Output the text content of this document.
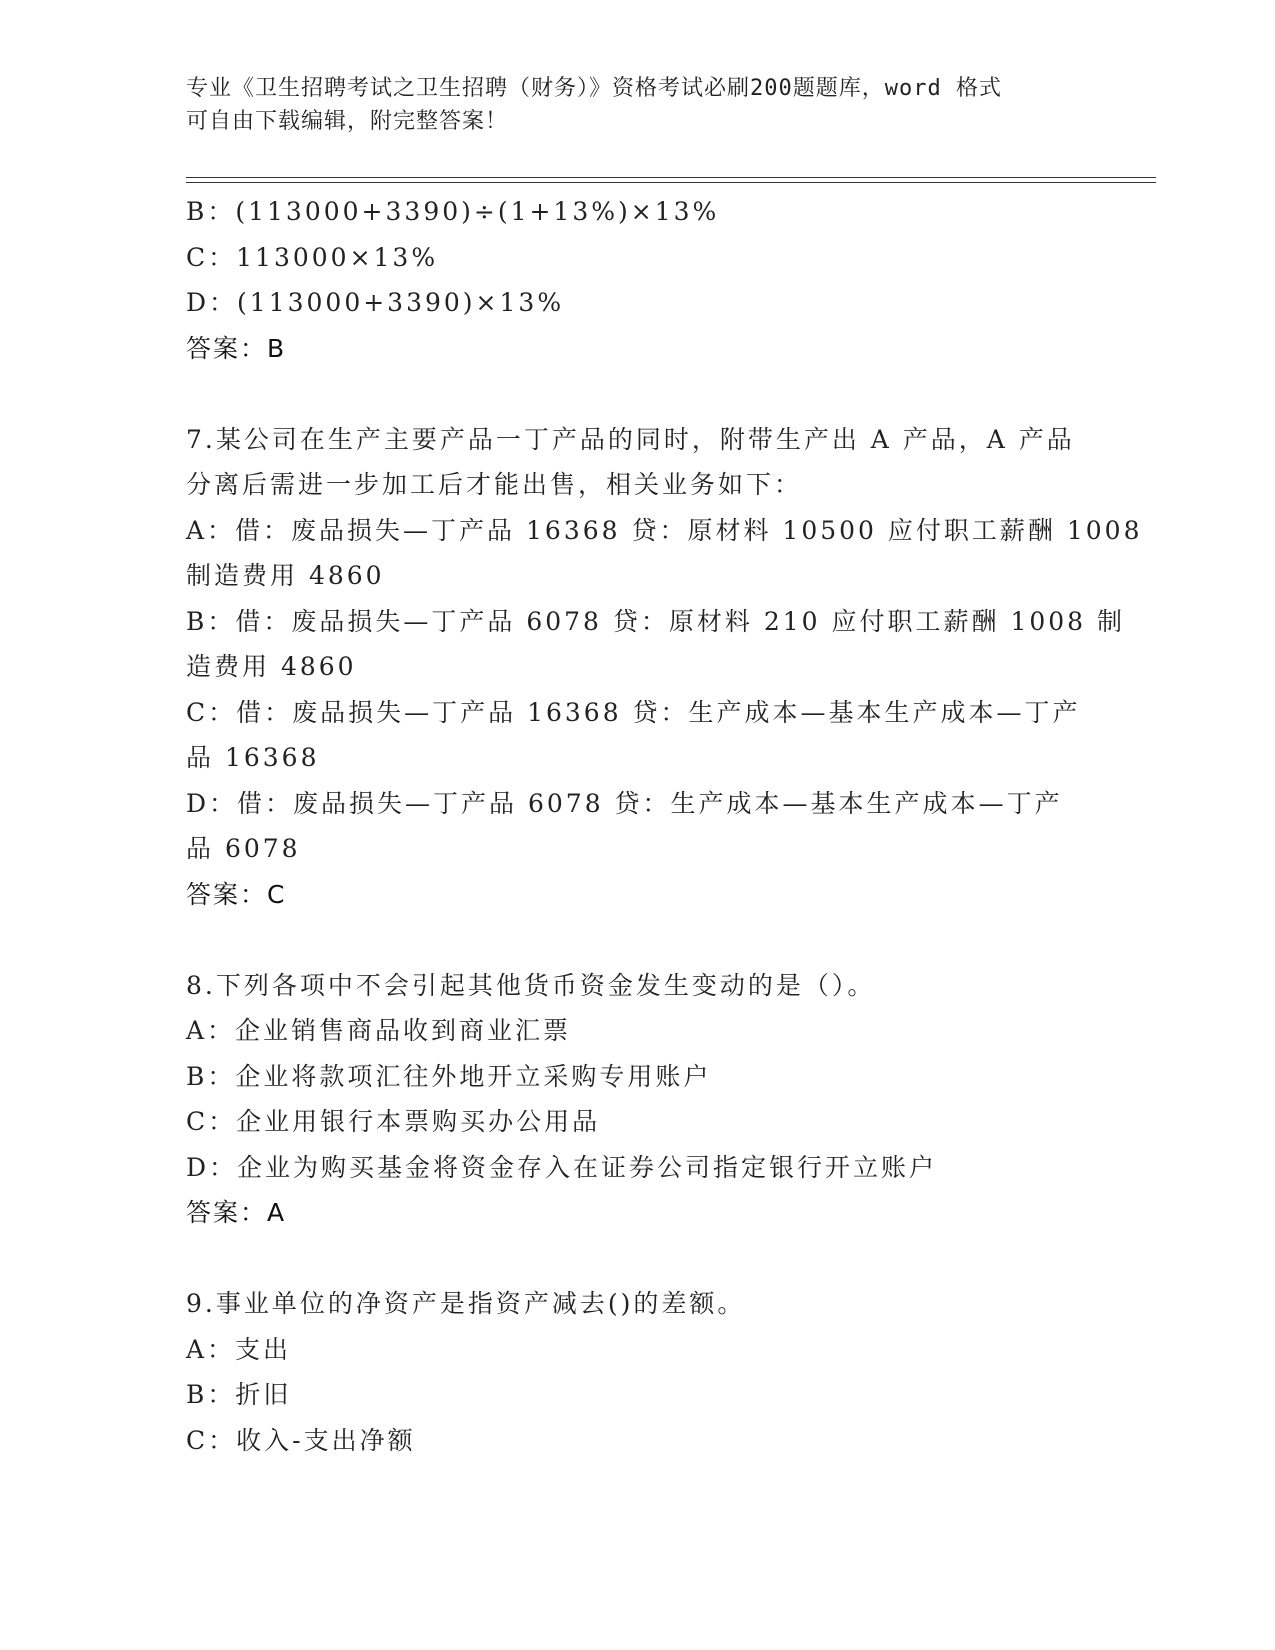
专业《卫生招聘考试之卫生招聘（财务）》资格考试必刷200题题库，word 格式
可自由下载编辑，附完整答案！
B：(113000+3390)÷(1+13%)×13%
C：113000×13%
D：(113000+3390)×13%
答案：B
7.某公司在生产主要产品一丁产品的同时，附带生产出 A 产品，A 产品
分离后需进一步加工后才能出售，相关业务如下：
A：借：废品损失—丁产品 16368 贷：原材料 10500 应付职工薪酬 1008
制造费用 4860
B：借：废品损失—丁产品 6078 贷：原材料 210 应付职工薪酬 1008 制
造费用 4860
C：借：废品损失—丁产品 16368 贷：生产成本—基本生产成本—丁产
品 16368
D：借：废品损失—丁产品 6078 贷：生产成本—基本生产成本—丁产
品 6078
答案：C
8.下列各项中不会引起其他货币资金发生变动的是（）。
A：企业销售商品收到商业汇票
B：企业将款项汇往外地开立采购专用账户
C：企业用银行本票购买办公用品
D：企业为购买基金将资金存入在证券公司指定银行开立账户
答案：A
9.事业单位的净资产是指资产减去()的差额。
A：支出
B：折旧
C：收入-支出净额
